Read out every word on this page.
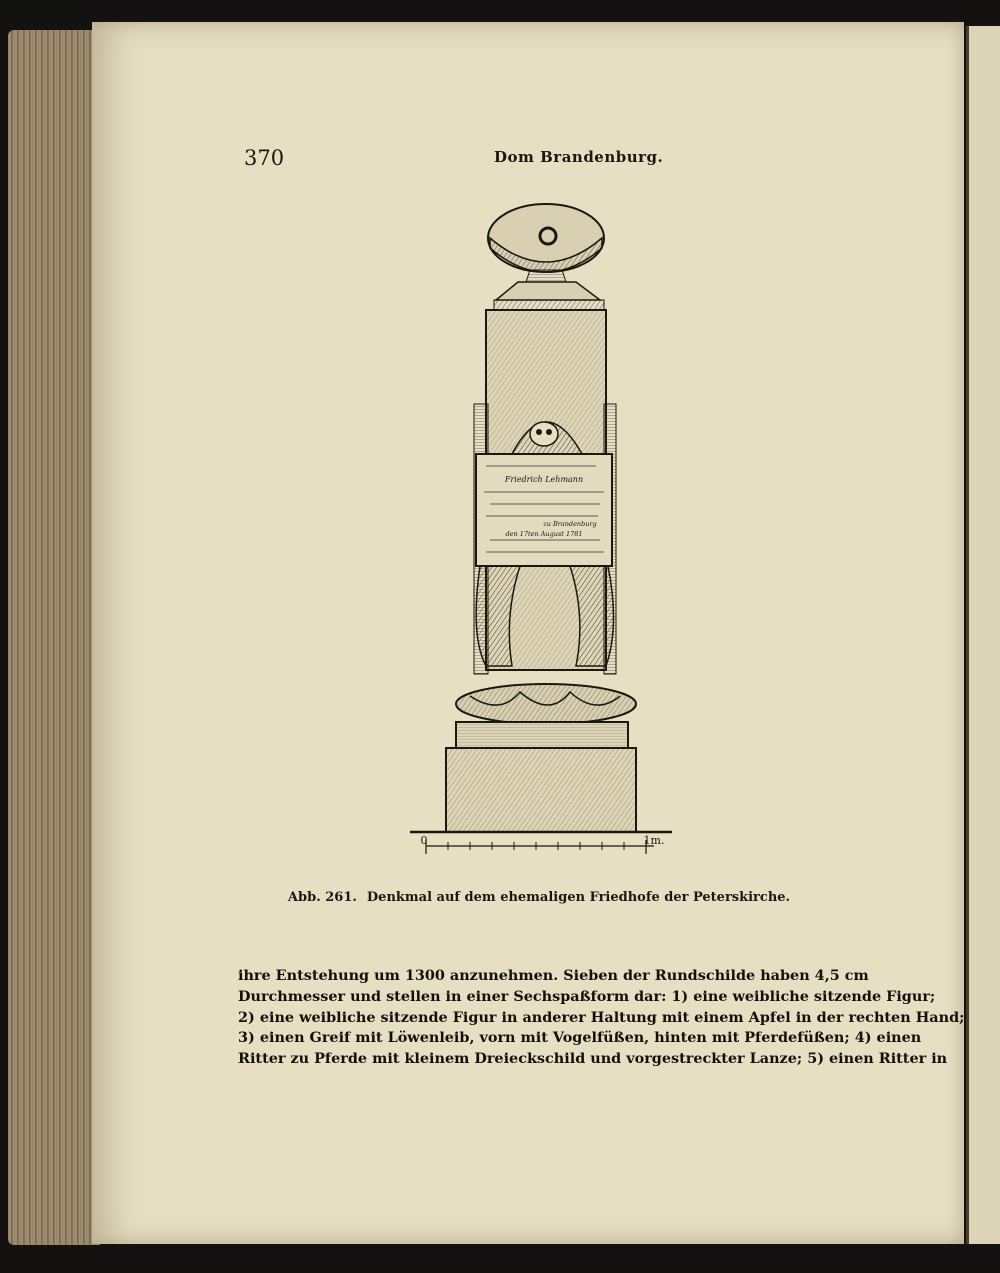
370	Dom Brandenburg.
Friedrich Lehmann
zu Brandenburg
den 17ten August 1781
0	1m.
Abb. 261. Denkmal auf dem ehemaligen Friedhofe der Peterskirche.
ihre Entstehung um 1300 anzunehmen. Sieben der Rundschilde haben 4,5 cm
Durchmesser und stellen in einer Sechspaßform dar: 1) eine weibliche sitzende Figur;
2) eine weibliche sitzende Figur in anderer Haltung mit einem Apfel in der rechten Hand;
3) einen Greif mit Löwenleib, vorn mit Vogelfüßen, hinten mit Pferdefüßen; 4) einen
Ritter zu Pferde mit kleinem Dreieckschild und vorgestreckter Lanze; 5) einen Ritter in
